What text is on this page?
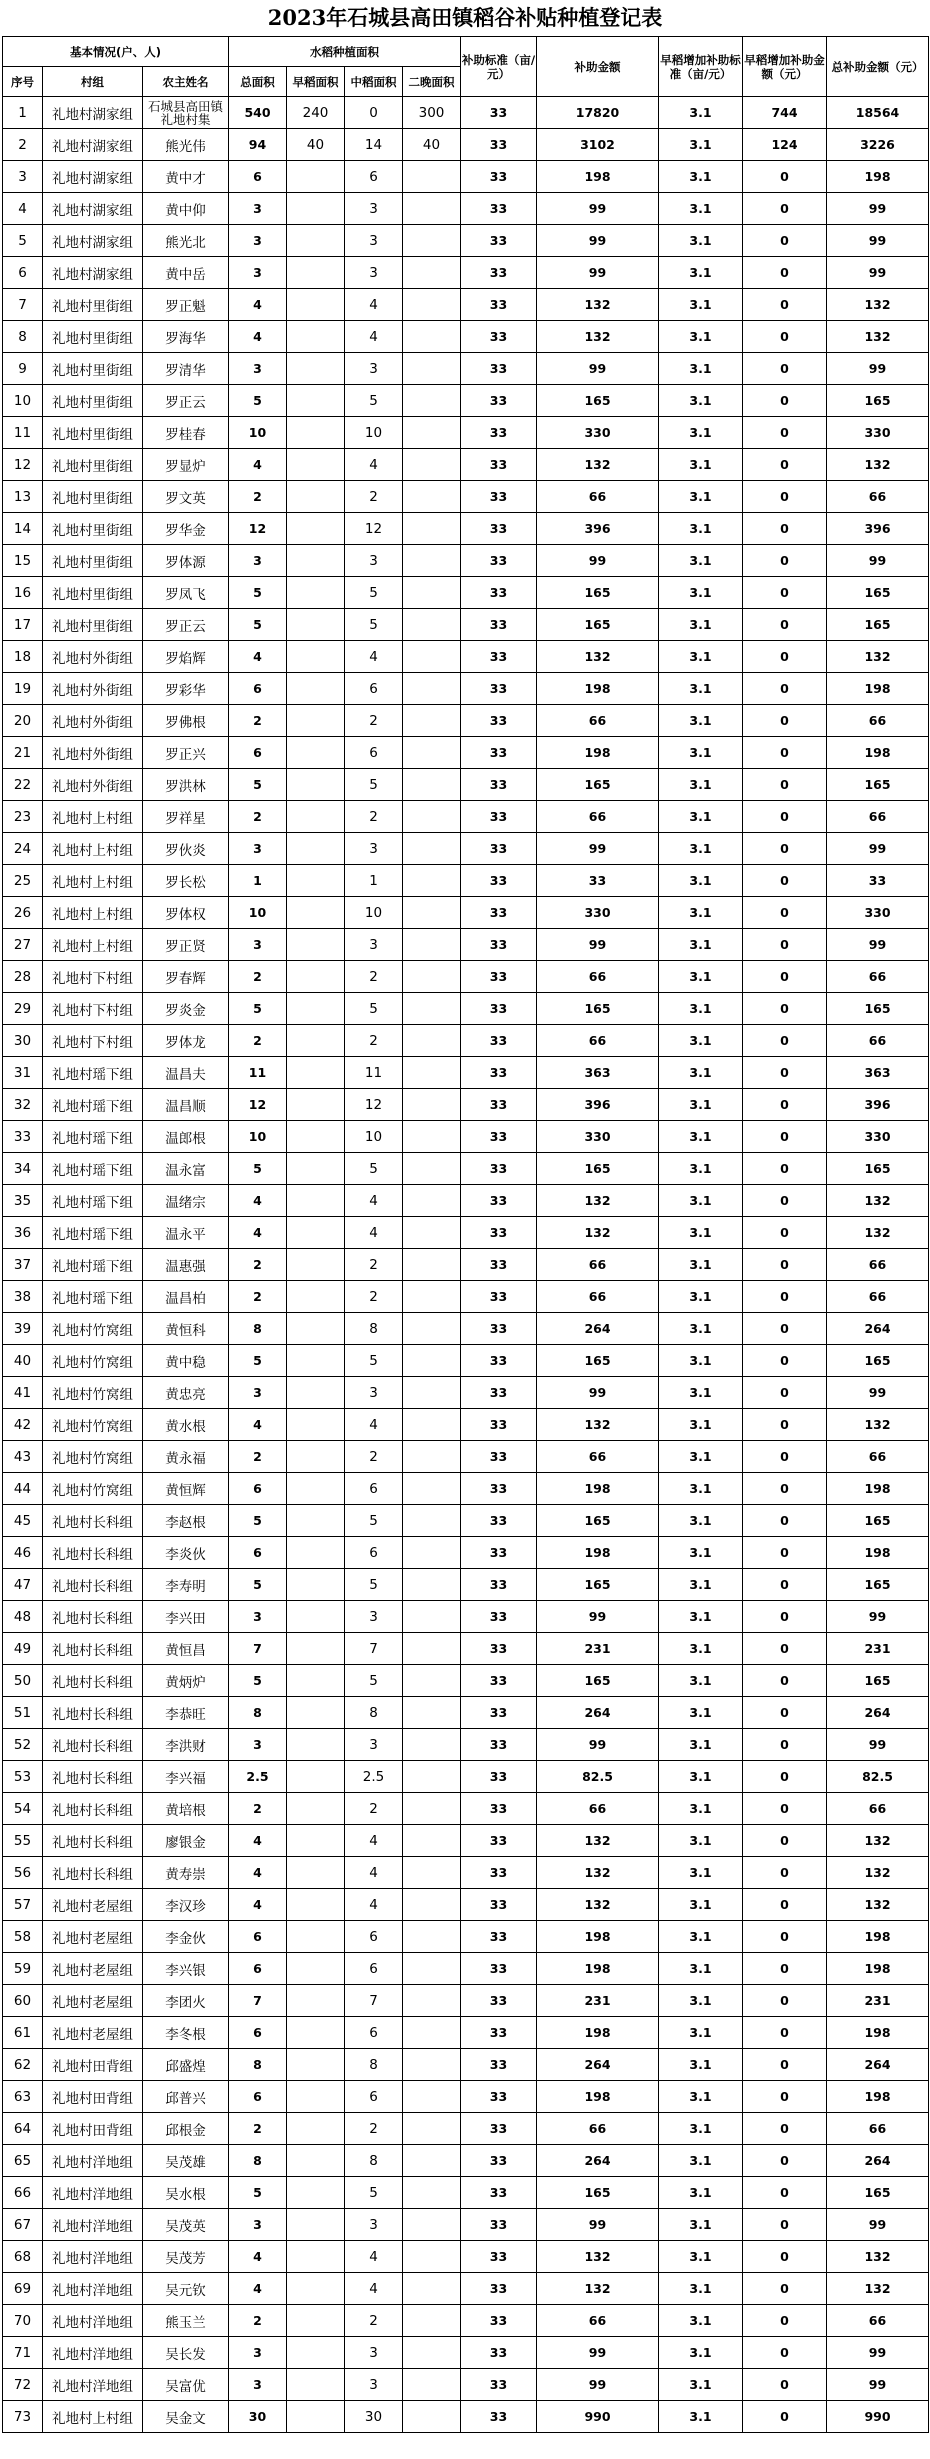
2023年石城县高田镇稻谷补贴种植登记表
基本情况(户、人)			水稻种植面积				补助标准（亩/元）	补助金额	早稻增加补助标准（亩/元）	早稻增加补助金额（元）	总补助金额（元）
序号	村组	农主姓名	总面积	早稻面积	中稻面积	二晚面积					
1	礼地村湖家组	石城县高田镇礼地村集	540	240	0	300	33	17820	3.1	744	18564
2	礼地村湖家组	熊光伟	94	40	14	40	33	3102	3.1	124	3226
3	礼地村湖家组	黄中才	6		6		33	198	3.1	0	198
4	礼地村湖家组	黄中仰	3		3		33	99	3.1	0	99
5	礼地村湖家组	熊光北	3		3		33	99	3.1	0	99
6	礼地村湖家组	黄中岳	3		3		33	99	3.1	0	99
7	礼地村里街组	罗正魁	4		4		33	132	3.1	0	132
8	礼地村里街组	罗海华	4		4		33	132	3.1	0	132
9	礼地村里街组	罗清华	3		3		33	99	3.1	0	99
10	礼地村里街组	罗正云	5		5		33	165	3.1	0	165
11	礼地村里街组	罗桂春	10		10		33	330	3.1	0	330
12	礼地村里街组	罗显炉	4		4		33	132	3.1	0	132
13	礼地村里街组	罗文英	2		2		33	66	3.1	0	66
14	礼地村里街组	罗华金	12		12		33	396	3.1	0	396
15	礼地村里街组	罗体源	3		3		33	99	3.1	0	99
16	礼地村里街组	罗凤飞	5		5		33	165	3.1	0	165
17	礼地村里街组	罗正云	5		5		33	165	3.1	0	165
18	礼地村外街组	罗焰辉	4		4		33	132	3.1	0	132
19	礼地村外街组	罗彩华	6		6		33	198	3.1	0	198
20	礼地村外街组	罗佛根	2		2		33	66	3.1	0	66
21	礼地村外街组	罗正兴	6		6		33	198	3.1	0	198
22	礼地村外街组	罗洪林	5		5		33	165	3.1	0	165
23	礼地村上村组	罗祥星	2		2		33	66	3.1	0	66
24	礼地村上村组	罗伙炎	3		3		33	99	3.1	0	99
25	礼地村上村组	罗长松	1		1		33	33	3.1	0	33
26	礼地村上村组	罗体权	10		10		33	330	3.1	0	330
27	礼地村上村组	罗正贤	3		3		33	99	3.1	0	99
28	礼地村下村组	罗春辉	2		2		33	66	3.1	0	66
29	礼地村下村组	罗炎金	5		5		33	165	3.1	0	165
30	礼地村下村组	罗体龙	2		2		33	66	3.1	0	66
31	礼地村瑶下组	温昌夫	11		11		33	363	3.1	0	363
32	礼地村瑶下组	温昌顺	12		12		33	396	3.1	0	396
33	礼地村瑶下组	温郎根	10		10		33	330	3.1	0	330
34	礼地村瑶下组	温永富	5		5		33	165	3.1	0	165
35	礼地村瑶下组	温绪宗	4		4		33	132	3.1	0	132
36	礼地村瑶下组	温永平	4		4		33	132	3.1	0	132
37	礼地村瑶下组	温惠强	2		2		33	66	3.1	0	66
38	礼地村瑶下组	温昌柏	2		2		33	66	3.1	0	66
39	礼地村竹窝组	黄恒科	8		8		33	264	3.1	0	264
40	礼地村竹窝组	黄中稳	5		5		33	165	3.1	0	165
41	礼地村竹窝组	黄忠亮	3		3		33	99	3.1	0	99
42	礼地村竹窝组	黄水根	4		4		33	132	3.1	0	132
43	礼地村竹窝组	黄永福	2		2		33	66	3.1	0	66
44	礼地村竹窝组	黄恒辉	6		6		33	198	3.1	0	198
45	礼地村长科组	李赵根	5		5		33	165	3.1	0	165
46	礼地村长科组	李炎伙	6		6		33	198	3.1	0	198
47	礼地村长科组	李寿明	5		5		33	165	3.1	0	165
48	礼地村长科组	李兴田	3		3		33	99	3.1	0	99
49	礼地村长科组	黄恒昌	7		7		33	231	3.1	0	231
50	礼地村长科组	黄炳炉	5		5		33	165	3.1	0	165
51	礼地村长科组	李恭旺	8		8		33	264	3.1	0	264
52	礼地村长科组	李洪财	3		3		33	99	3.1	0	99
53	礼地村长科组	李兴福	2.5		2.5		33	82.5	3.1	0	82.5
54	礼地村长科组	黄培根	2		2		33	66	3.1	0	66
55	礼地村长科组	廖银金	4		4		33	132	3.1	0	132
56	礼地村长科组	黄寿崇	4		4		33	132	3.1	0	132
57	礼地村老屋组	李汉珍	4		4		33	132	3.1	0	132
58	礼地村老屋组	李金伙	6		6		33	198	3.1	0	198
59	礼地村老屋组	李兴银	6		6		33	198	3.1	0	198
60	礼地村老屋组	李团火	7		7		33	231	3.1	0	231
61	礼地村老屋组	李冬根	6		6		33	198	3.1	0	198
62	礼地村田背组	邱盛煌	8		8		33	264	3.1	0	264
63	礼地村田背组	邱普兴	6		6		33	198	3.1	0	198
64	礼地村田背组	邱根金	2		2		33	66	3.1	0	66
65	礼地村洋地组	吴茂雄	8		8		33	264	3.1	0	264
66	礼地村洋地组	吴水根	5		5		33	165	3.1	0	165
67	礼地村洋地组	吴茂英	3		3		33	99	3.1	0	99
68	礼地村洋地组	吴茂芳	4		4		33	132	3.1	0	132
69	礼地村洋地组	吴元钦	4		4		33	132	3.1	0	132
70	礼地村洋地组	熊玉兰	2		2		33	66	3.1	0	66
71	礼地村洋地组	吴长发	3		3		33	99	3.1	0	99
72	礼地村洋地组	吴富优	3		3		33	99	3.1	0	99
73	礼地村上村组	吴金文	30		30		33	990	3.1	0	990
